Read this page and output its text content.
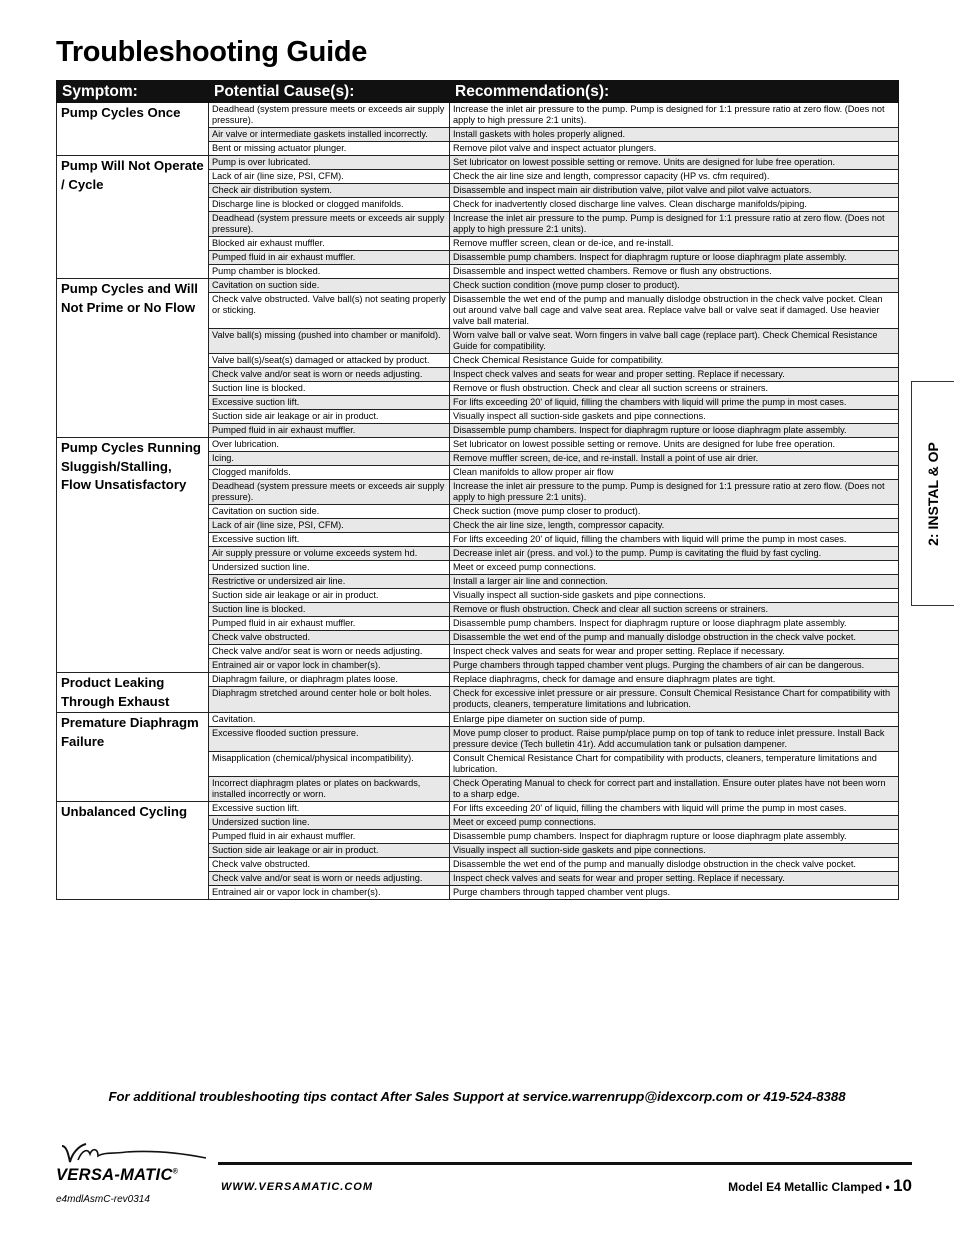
Troubleshooting Guide
Symptom:	Potential Cause(s):	Recommendation(s):
Pump Cycles Once	Deadhead (system pressure meets or exceeds air supply pressure).	Increase the inlet air pressure to the pump. Pump is designed for 1:1 pressure ratio at zero flow. (Does not apply to high pressure 2:1 units).
	Air valve or intermediate gaskets installed incorrectly.	Install gaskets with holes properly aligned.
	Bent or missing actuator plunger.	Remove pilot valve and inspect actuator plungers.
Pump Will Not Operate / Cycle	Pump is over lubricated.	Set lubricator on lowest possible setting or remove. Units are designed for lube free operation.
	Lack of air (line size, PSI, CFM).	Check the air line size and length, compressor capacity (HP vs. cfm required).
	Check air distribution system.	Disassemble and inspect main air distribution valve, pilot valve and pilot valve actuators.
	Discharge line is blocked or clogged manifolds.	Check for inadvertently closed discharge line valves. Clean discharge manifolds/piping.
	Deadhead (system pressure meets or exceeds air supply pressure).	Increase the inlet air pressure to the pump. Pump is designed for 1:1 pressure ratio at zero flow. (Does not apply to high pressure 2:1 units).
	Blocked air exhaust muffler.	Remove muffler screen, clean or de-ice, and re-install.
	Pumped fluid in air exhaust muffler.	Disassemble pump chambers. Inspect for diaphragm rupture or loose diaphragm plate assembly.
	Pump chamber is blocked.	Disassemble and inspect wetted chambers. Remove or flush any obstructions.
Pump Cycles and Will Not Prime or No Flow	Cavitation on suction side.	Check suction condition (move pump closer to product).
	Check valve obstructed. Valve ball(s) not seating properly or sticking.	Disassemble the wet end of the pump and manually dislodge obstruction in the check valve pocket. Clean out around valve ball cage and valve seat area. Replace valve ball or valve seat if damaged. Use heavier valve ball material.
	Valve ball(s) missing (pushed into chamber or manifold).	Worn valve ball or valve seat. Worn fingers in valve ball cage (replace part). Check Chemical Resistance Guide for compatibility.
	Valve ball(s)/seat(s) damaged or attacked by product.	Check Chemical Resistance Guide for compatibility.
	Check valve and/or seat is worn or needs adjusting.	Inspect check valves and seats for wear and proper setting. Replace if necessary.
	Suction line is blocked.	Remove or flush obstruction. Check and clear all suction screens or strainers.
	Excessive suction lift.	For lifts exceeding 20' of liquid, filling the chambers with liquid will prime the pump in most cases.
	Suction side air leakage or air in product.	Visually inspect all suction-side gaskets and pipe connections.
	Pumped fluid in air exhaust muffler.	Disassemble pump chambers. Inspect for diaphragm rupture or loose diaphragm plate assembly.
Pump Cycles Running Sluggish/Stalling, Flow Unsatisfactory	Over lubrication.	Set lubricator on lowest possible setting or remove. Units are designed for lube free operation.
	Icing.	Remove muffler screen, de-ice, and re-install. Install a point of use air drier.
	Clogged manifolds.	Clean manifolds to allow proper air flow
	Deadhead (system pressure meets or exceeds air supply pressure).	Increase the inlet air pressure to the pump. Pump is designed for 1:1 pressure ratio at zero flow. (Does not apply to high pressure 2:1 units).
	Cavitation on suction side.	Check suction (move pump closer to product).
	Lack of air (line size, PSI, CFM).	Check the air line size, length, compressor capacity.
	Excessive suction lift.	For lifts exceeding 20' of liquid, filling the chambers with liquid will prime the pump in most cases.
	Air supply pressure or volume exceeds system hd.	Decrease inlet air (press. and vol.) to the pump. Pump is cavitating the fluid by fast cycling.
	Undersized suction line.	Meet or exceed pump connections.
	Restrictive or undersized air line.	Install a larger air line and connection.
	Suction side air leakage or air in product.	Visually inspect all suction-side gaskets and pipe connections.
	Suction line is blocked.	Remove or flush obstruction. Check and clear all suction screens or strainers.
	Pumped fluid in air exhaust muffler.	Disassemble pump chambers. Inspect for diaphragm rupture or loose diaphragm plate assembly.
	Check valve obstructed.	Disassemble the wet end of the pump and manually dislodge obstruction in the check valve pocket.
	Check valve and/or seat is worn or needs adjusting.	Inspect check valves and seats for wear and proper setting. Replace if necessary.
	Entrained air or vapor lock in chamber(s).	Purge chambers through tapped chamber vent plugs. Purging the chambers of air can be dangerous.
Product Leaking Through Exhaust	Diaphragm failure, or diaphragm plates loose.	Replace diaphragms, check for damage and ensure diaphragm plates are tight.
	Diaphragm stretched around center hole or bolt holes.	Check for excessive inlet pressure or air pressure. Consult Chemical Resistance Chart for compatibility with products, cleaners, temperature limitations and lubrication.
Premature Diaphragm Failure	Cavitation.	Enlarge pipe diameter on suction side of pump.
	Excessive flooded suction pressure.	Move pump closer to product. Raise pump/place pump on top of tank to reduce inlet pressure. Install Back pressure device (Tech bulletin 41r). Add accumulation tank or pulsation dampener.
	Misapplication (chemical/physical incompatibility).	Consult Chemical Resistance Chart for compatibility with products, cleaners, temperature limitations and lubrication.
	Incorrect diaphragm plates or plates on backwards, installed incorrectly or worn.	Check Operating Manual to check for correct part and installation. Ensure outer plates have not been worn to a sharp edge.
Unbalanced Cycling	Excessive suction lift.	For lifts exceeding 20' of liquid, filling the chambers with liquid will prime the pump in most cases.
	Undersized suction line.	Meet or exceed pump connections.
	Pumped fluid in air exhaust muffler.	Disassemble pump chambers. Inspect for diaphragm rupture or loose diaphragm plate assembly.
	Suction side air leakage or air in product.	Visually inspect all suction-side gaskets and pipe connections.
	Check valve obstructed.	Disassemble the wet end of the pump and manually dislodge obstruction in the check valve pocket.
	Check valve and/or seat is worn or needs adjusting.	Inspect check valves and seats for wear and proper setting. Replace if necessary.
	Entrained air or vapor lock in chamber(s).	Purge chambers through tapped chamber vent plugs.
2: INSTAL & OP
For additional troubleshooting tips contact After Sales Support at service.warrenrupp@idexcorp.com or 419-524-8388
VERSA-MATIC®
e4mdlAsmC-rev0314
WWW.VERSAMATIC.COM	Model E4 Metallic Clamped • 10
